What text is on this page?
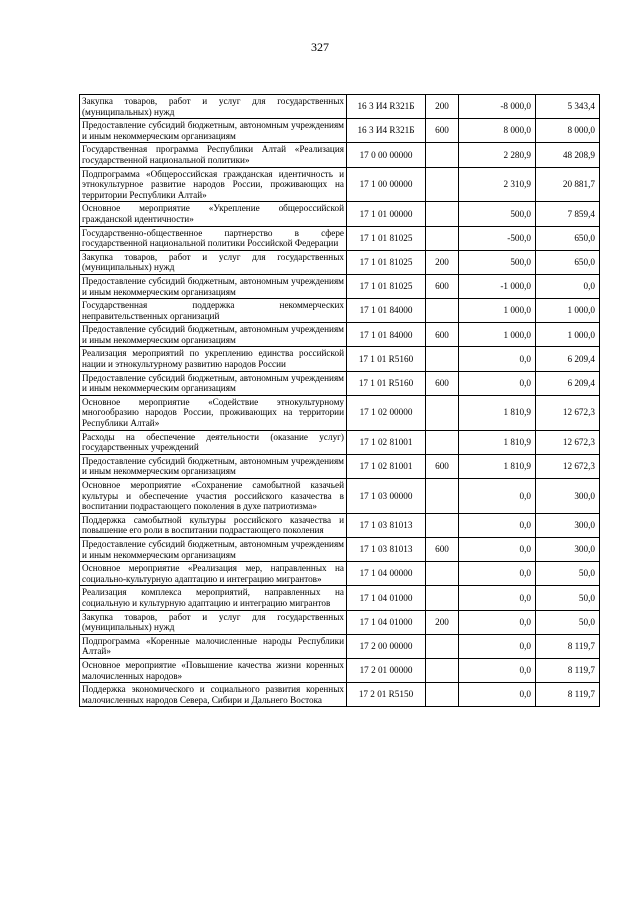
327
Закупка товаров, работ и услуг для государственных (муниципальных) нужд	16 3 И4 R321Б	200	-8 000,0	5 343,4
Предоставление субсидий бюджетным, автономным учреждениям и иным некоммерческим организациям	16 3 И4 R321Б	600	8 000,0	8 000,0
Государственная программа Республики Алтай «Реализация государственной национальной политики»	17 0 00 00000		2 280,9	48 208,9
Подпрограмма «Общероссийская гражданская идентичность и этнокультурное развитие народов России, проживающих на территории Республики Алтай»	17 1 00 00000		2 310,9	20 881,7
Основное мероприятие «Укрепление общероссийской гражданской идентичности»	17 1 01 00000		500,0	7 859,4
Государственно-общественное партнерство в сфере государственной национальной политики Российской Федерации	17 1 01 81025		-500,0	650,0
Закупка товаров, работ и услуг для государственных (муниципальных) нужд	17 1 01 81025	200	500,0	650,0
Предоставление субсидий бюджетным, автономным учреждениям и иным некоммерческим организациям	17 1 01 81025	600	-1 000,0	0,0
Государственная поддержка некоммерческих неправительственных организаций	17 1 01 84000		1 000,0	1 000,0
Предоставление субсидий бюджетным, автономным учреждениям и иным некоммерческим организациям	17 1 01 84000	600	1 000,0	1 000,0
Реализация мероприятий по укреплению единства российской нации и этнокультурному развитию народов России	17 1 01 R5160		0,0	6 209,4
Предоставление субсидий бюджетным, автономным учреждениям и иным некоммерческим организациям	17 1 01 R5160	600	0,0	6 209,4
Основное мероприятие «Содействие этнокультурному многообразию народов России, проживающих на территории Республики Алтай»	17 1 02 00000		1 810,9	12 672,3
Расходы на обеспечение деятельности (оказание услуг) государственных учреждений	17 1 02 81001		1 810,9	12 672,3
Предоставление субсидий бюджетным, автономным учреждениям и иным некоммерческим организациям	17 1 02 81001	600	1 810,9	12 672,3
Основное мероприятие «Сохранение самобытной казачьей культуры и обеспечение участия российского казачества в воспитании подрастающего поколения в духе патриотизма»	17 1 03 00000		0,0	300,0
Поддержка самобытной культуры российского казачества и повышение его роли в воспитании подрастающего поколения	17 1 03 81013		0,0	300,0
Предоставление субсидий бюджетным, автономным учреждениям и иным некоммерческим организациям	17 1 03 81013	600	0,0	300,0
Основное мероприятие «Реализация мер, направленных на социально-культурную адаптацию и интеграцию мигрантов»	17 1 04 00000		0,0	50,0
Реализация комплекса мероприятий, направленных на социальную и культурную адаптацию и интеграцию мигрантов	17 1 04 01000		0,0	50,0
Закупка товаров, работ и услуг для государственных (муниципальных) нужд	17 1 04 01000	200	0,0	50,0
Подпрограмма «Коренные малочисленные народы Республики Алтай»	17 2 00 00000		0,0	8 119,7
Основное мероприятие «Повышение качества жизни коренных малочисленных народов»	17 2 01 00000		0,0	8 119,7
Поддержка экономического и социального развития коренных малочисленных народов Севера, Сибири и Дальнего Востока	17 2 01 R5150		0,0	8 119,7
